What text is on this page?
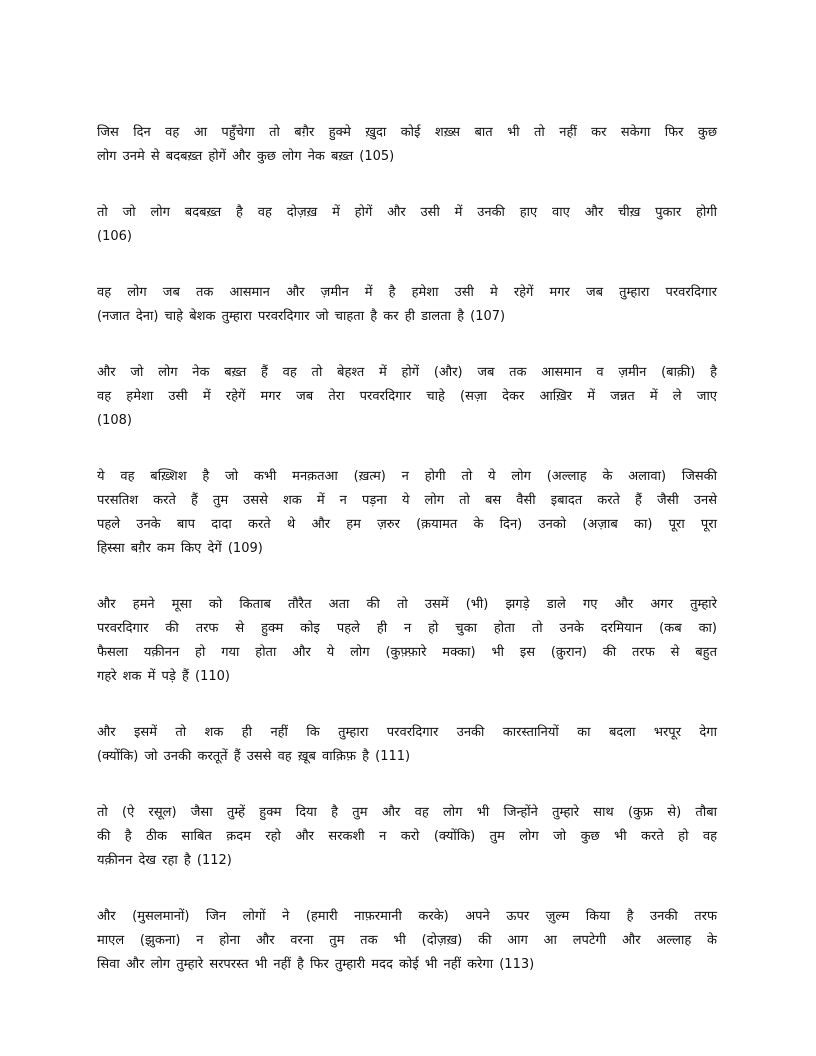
जिस दिन वह आ पहुँचेगा तो बग़ैर हुक्मे ख़ुदा कोई शख़्स बात भी तो नहीं कर सकेगा फिर कुछ
लोग उनमे से बदबख़्त होगें और कुछ लोग नेक बख़्त (105)
तो जो लोग बदबख़्त है वह दोज़ख़ में होगें और उसी में उनकी हाए वाए और चीख़ पुकार होगी
(106)
वह लोग जब तक आसमान और ज़मीन में है हमेशा उसी मे रहेगें मगर जब तुम्हारा परवरदिगार
(नजात देना) चाहे बेशक तुम्हारा परवरदिगार जो चाहता है कर ही डालता है (107)
और जो लोग नेक बख़्त हैं वह तो बेहश्त में होगें (और) जब तक आसमान व ज़मीन (बाक़ी) है
वह हमेशा उसी में रहेगें मगर जब तेरा परवरदिगार चाहे (सज़ा देकर आख़िर में जन्नत में ले जाए
(108)
ये वह बख़्शिश है जो कभी मनक़तआ (ख़त्म) न होगी तो ये लोग (अल्लाह के अलावा) जिसकी
परसतिश करते हैं तुम उससे शक में न पड़ना ये लोग तो बस वैसी इबादत करते हैं जैसी उनसे
पहले उनके बाप दादा करते थे और हम ज़रुर (क़यामत के दिन) उनको (अज़ाब का) पूरा पूरा
हिस्सा बग़ैर कम किए देगें (109)
और हमने मूसा को किताब तौरैत अता की तो उसमें (भी) झगड़े डाले गए और अगर तुम्हारे
परवरदिगार की तरफ से हुक्म कोइ पहले ही न हो चुका होता तो उनके दरमियान (कब का)
फैसला यक़ीनन हो गया होता और ये लोग (कुफ़्फ़ारे मक्का) भी इस (क़ुरान) की तरफ से बहुत
गहरे शक में पड़े हैं (110)
और इसमें तो शक ही नहीं कि तुम्हारा परवरदिगार उनकी कारस्तानियों का बदला भरपूर देगा
(क्योंकि) जो उनकी करतूतें हैं उससे वह ख़ूब वाक़िफ़ है (111)
तो (ऐ रसूल) जैसा तुम्हें हुक्म दिया है तुम और वह लोग भी जिन्होंने तुम्हारे साथ (कुफ्र से) तौबा
की है ठीक साबित क़दम रहो और सरकशी न करो (क्योंकि) तुम लोग जो कुछ भी करते हो वह
यक़ीनन देख रहा है (112)
और (मुसलमानों) जिन लोगों ने (हमारी नाफ़रमानी करके) अपने ऊपर ज़ुल्म किया है उनकी तरफ
माएल (झुकना) न होना और वरना तुम तक भी (दोज़ख़) की आग आ लपटेगी और अल्लाह के
सिवा और लोग तुम्हारे सरपरस्त भी नहीं है फिर तुम्हारी मदद कोई भी नहीं करेगा (113)
